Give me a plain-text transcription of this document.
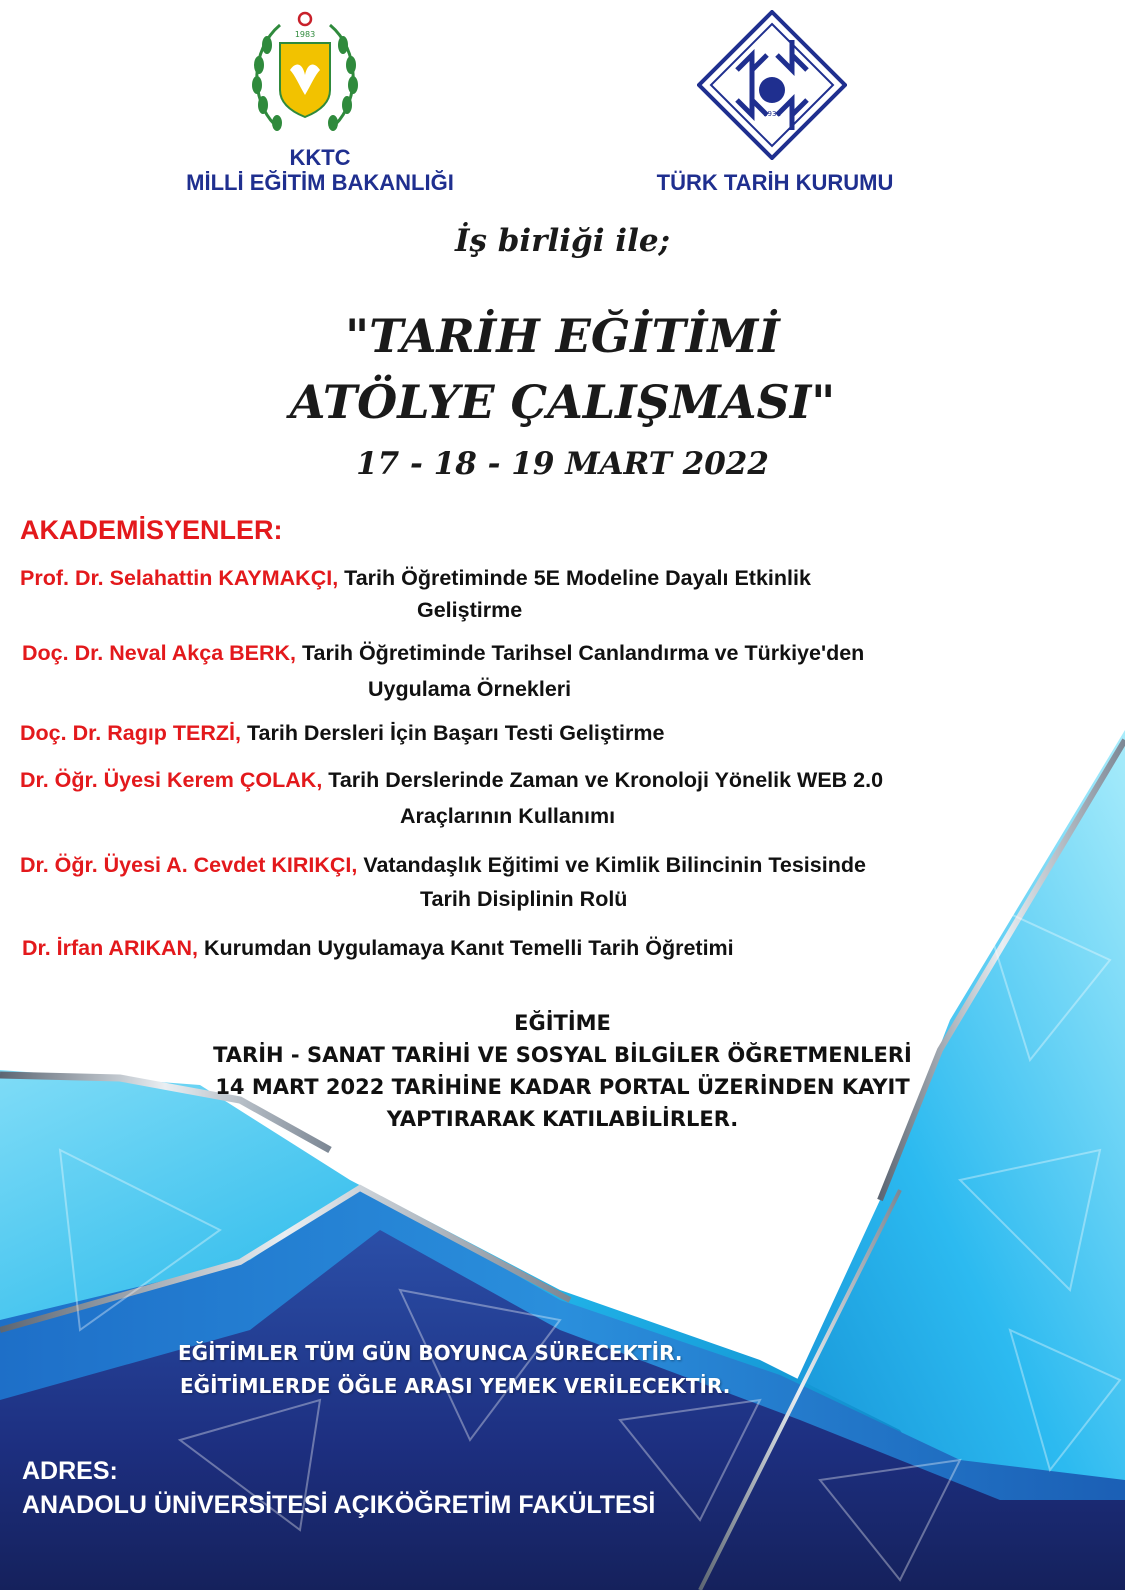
1983
1931
KKTC
MİLLİ EĞİTİM BAKANLIĞI	TÜRK TARİH KURUMU
İş birliği ile;
"TARİH EĞİTİMİ
ATÖLYE ÇALIŞMASI"
17 - 18 - 19 MART 2022
AKADEMİSYENLER:
Prof. Dr. Selahattin KAYMAKÇI, Tarih Öğretiminde 5E Modeline Dayalı Etkinlik
Geliştirme
Doç. Dr. Neval Akça BERK, Tarih Öğretiminde Tarihsel Canlandırma ve Türkiye'den
Uygulama Örnekleri
Doç. Dr. Ragıp TERZİ, Tarih Dersleri İçin Başarı Testi Geliştirme
Dr. Öğr. Üyesi Kerem ÇOLAK, Tarih Derslerinde Zaman ve Kronoloji Yönelik WEB 2.0
Araçlarının Kullanımı
Dr. Öğr. Üyesi A. Cevdet KIRIKÇI, Vatandaşlık Eğitimi ve Kimlik Bilincinin Tesisinde
Tarih Disiplinin Rolü
Dr. İrfan ARIKAN, Kurumdan Uygulamaya Kanıt Temelli Tarih Öğretimi
EĞİTİME
TARİH - SANAT TARİHİ VE SOSYAL BİLGİLER ÖĞRETMENLERİ
14 MART 2022 TARİHİNE KADAR PORTAL ÜZERİNDEN KAYIT
YAPTIRARAK KATILABİLİRLER.
EĞİTİMLER TÜM GÜN BOYUNCA SÜRECEKTİR.
EĞİTİMLERDE ÖĞLE ARASI YEMEK VERİLECEKTİR.
ADRES:
ANADOLU ÜNİVERSİTESİ AÇIKÖĞRETİM FAKÜLTESİ
